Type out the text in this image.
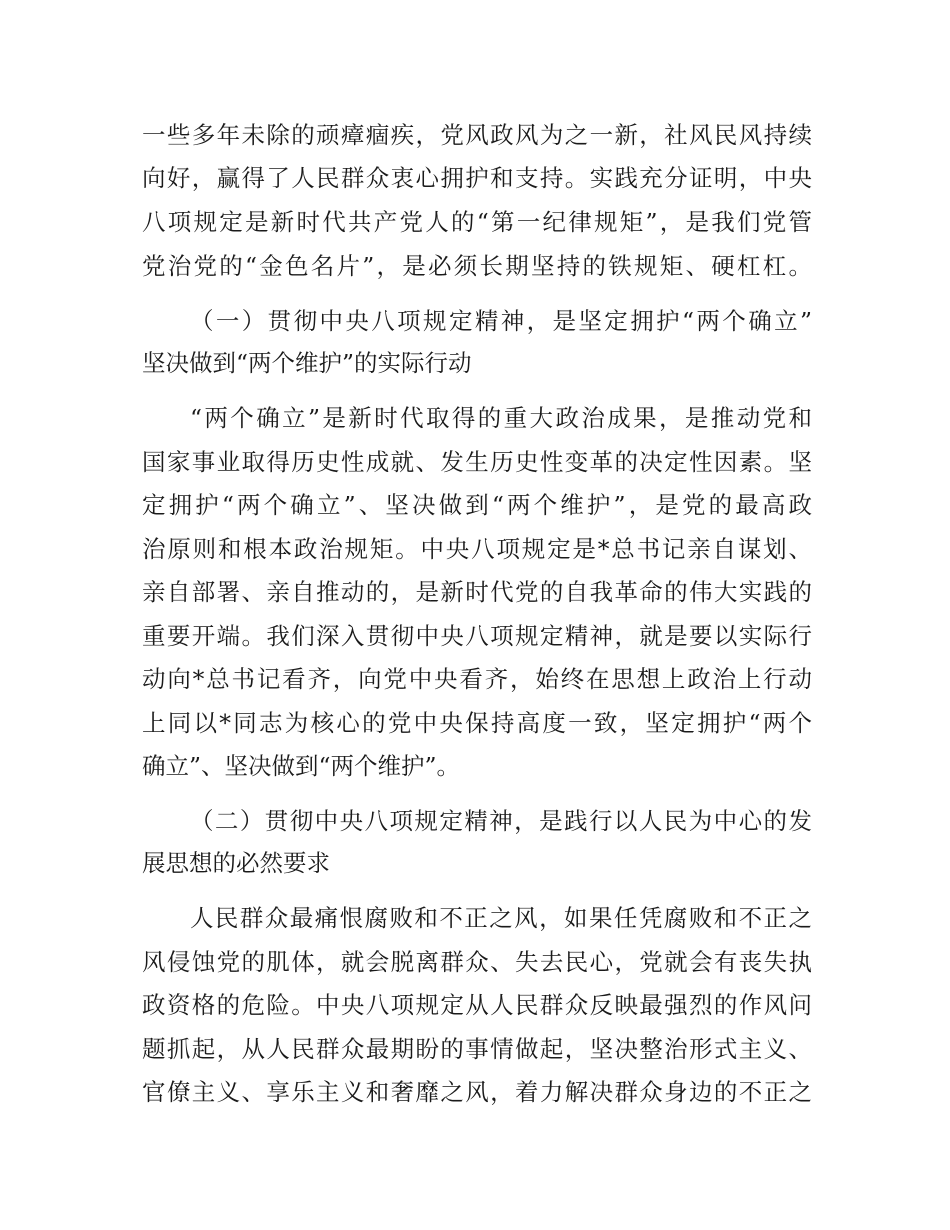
一些多年未除的顽瘴痼疾，党风政风为之一新，社风民风持续
向好，赢得了人民群众衷心拥护和支持。实践充分证明，中央
八项规定是新时代共产党人的“第一纪律规矩”，是我们党管
党治党的“金色名片”，是必须长期坚持的铁规矩、硬杠杠。
（一）贯彻中央八项规定精神，是坚定拥护“两个确立”
坚决做到“两个维护”的实际行动
“两个确立”是新时代取得的重大政治成果，是推动党和
国家事业取得历史性成就、发生历史性变革的决定性因素。坚
定拥护“两个确立”、坚决做到“两个维护”，是党的最高政
治原则和根本政治规矩。中央八项规定是*总书记亲自谋划、
亲自部署、亲自推动的，是新时代党的自我革命的伟大实践的
重要开端。我们深入贯彻中央八项规定精神，就是要以实际行
动向*总书记看齐，向党中央看齐，始终在思想上政治上行动
上同以*同志为核心的党中央保持高度一致，坚定拥护“两个
确立”、坚决做到“两个维护”。
（二）贯彻中央八项规定精神，是践行以人民为中心的发
展思想的必然要求
人民群众最痛恨腐败和不正之风，如果任凭腐败和不正之
风侵蚀党的肌体，就会脱离群众、失去民心，党就会有丧失执
政资格的危险。中央八项规定从人民群众反映最强烈的作风问
题抓起，从人民群众最期盼的事情做起，坚决整治形式主义、
官僚主义、享乐主义和奢靡之风，着力解决群众身边的不正之
